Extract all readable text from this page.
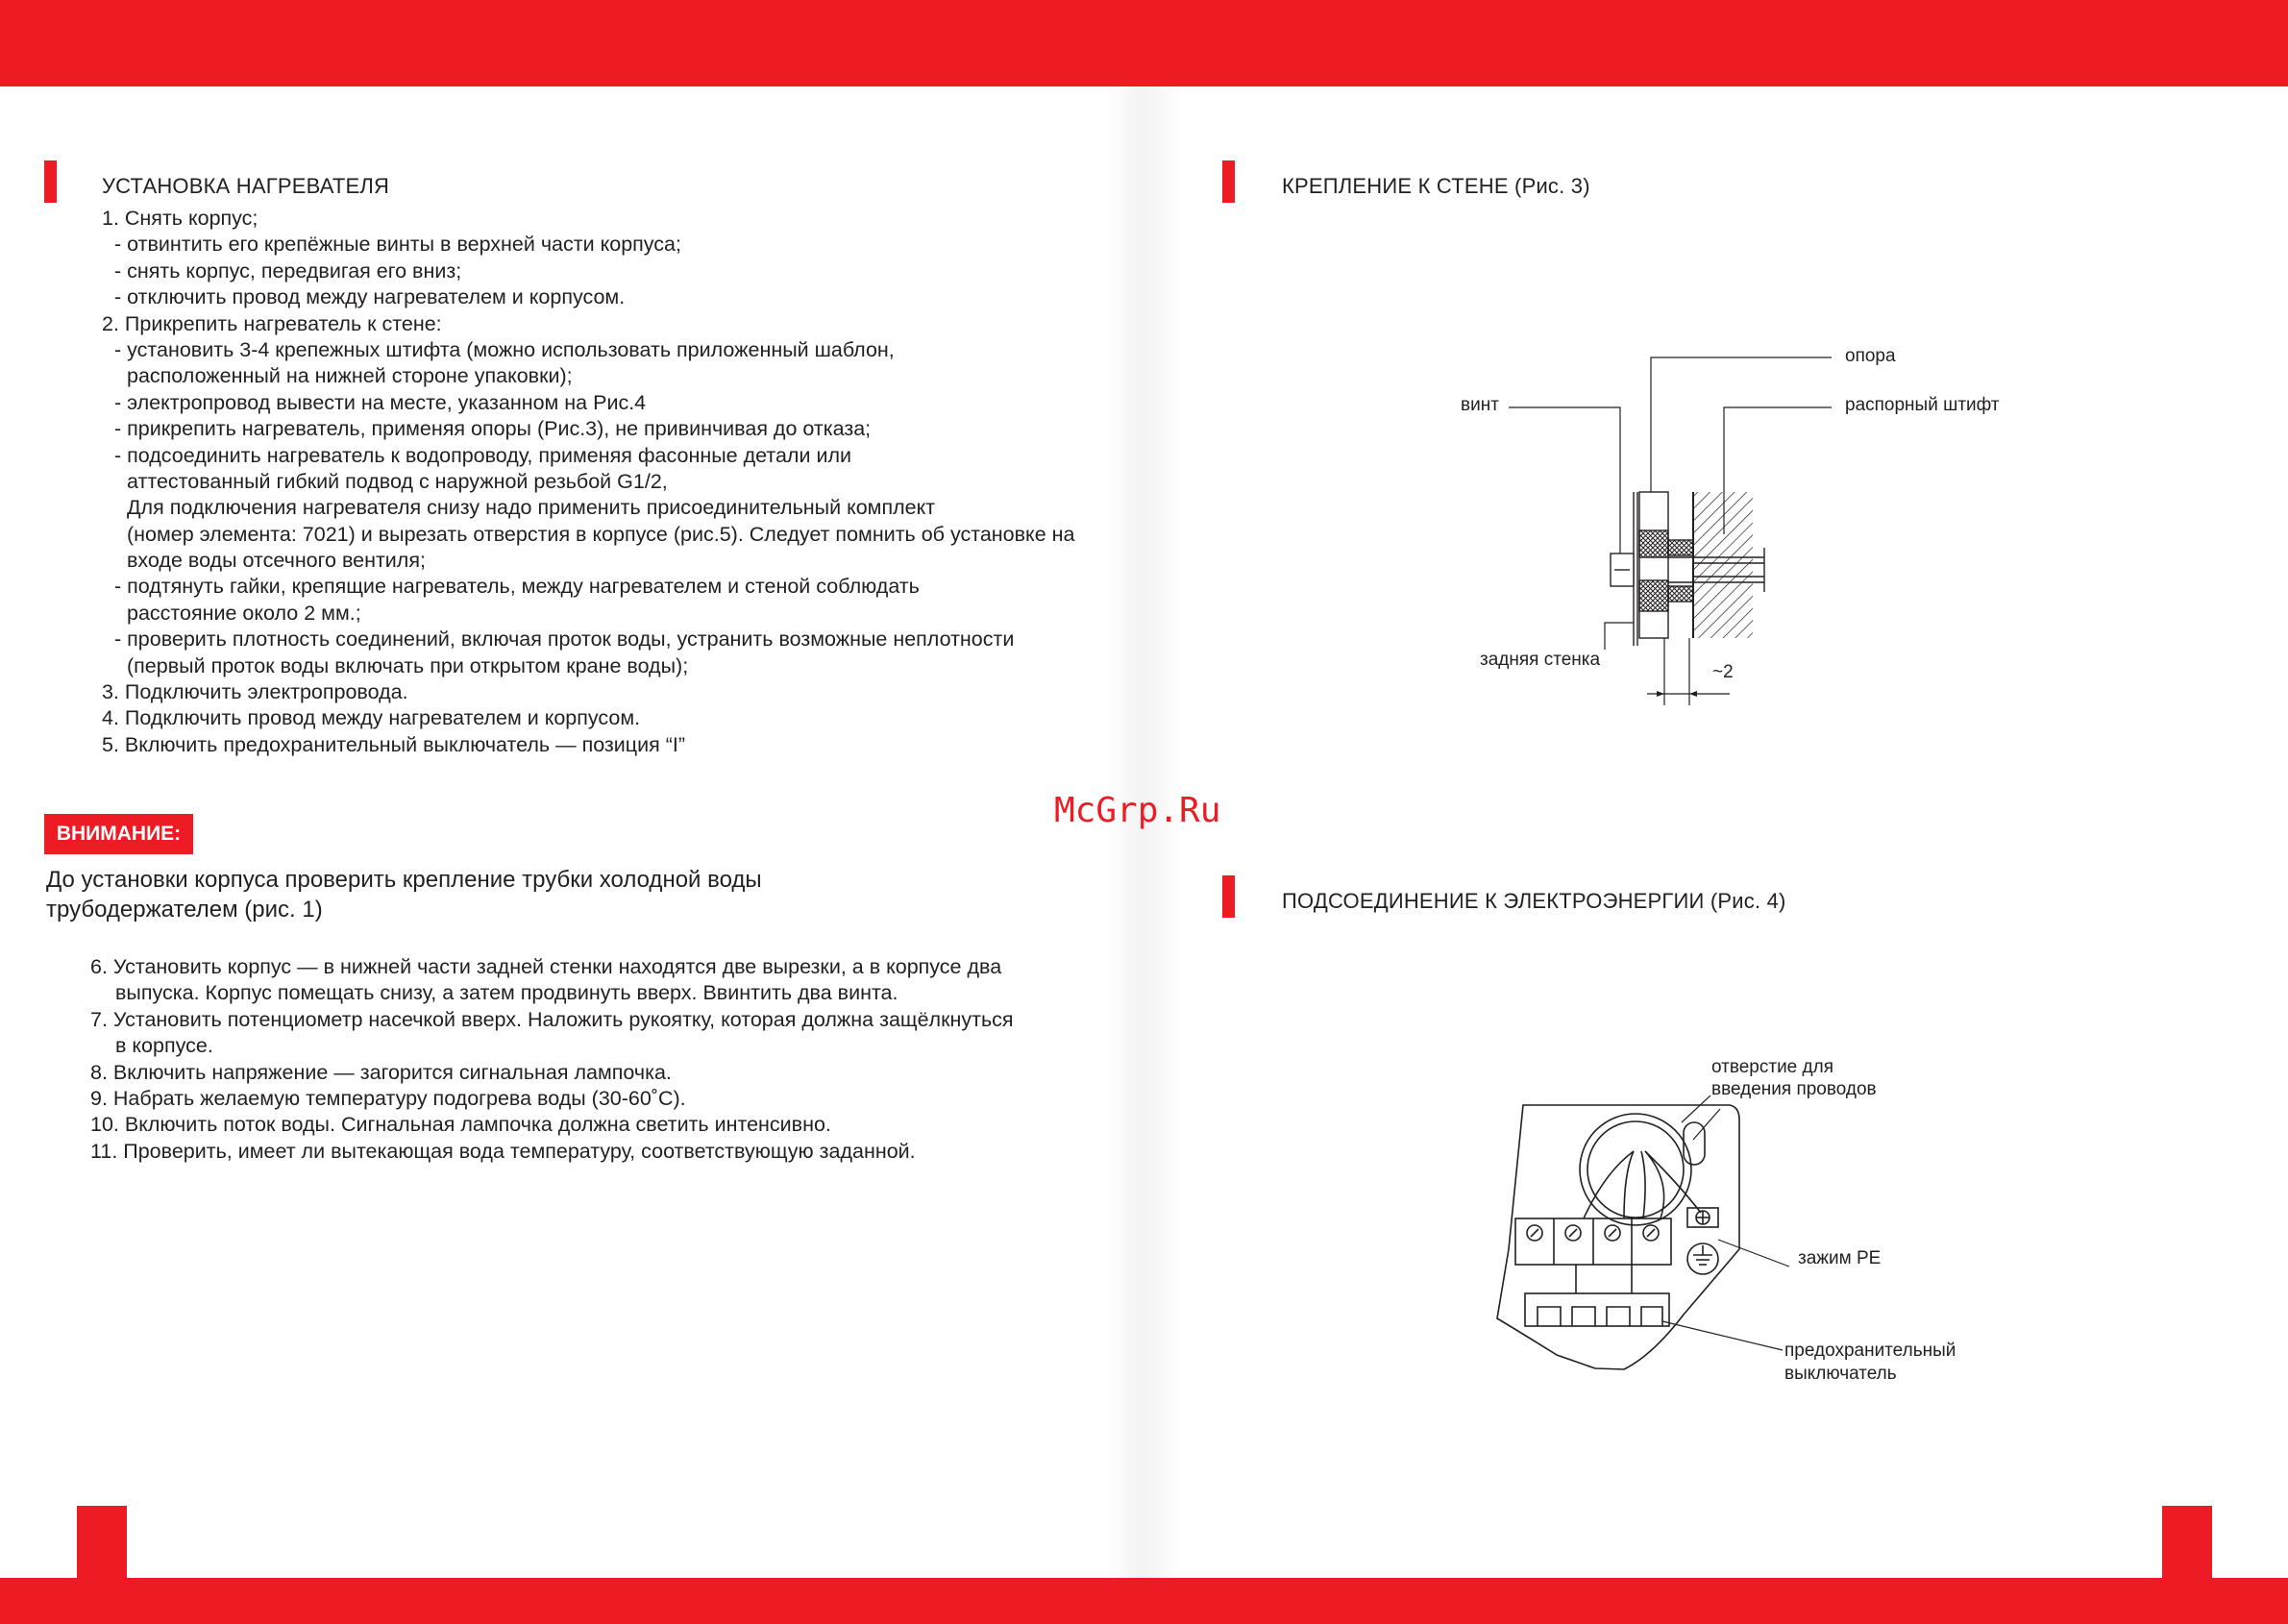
УСТАНОВКА НАГРЕВАТЕЛЯ
1. Снять корпус;
- отвинтить его крепёжные винты в верхней части корпуса;
- снять корпус, передвигая его вниз;
- отключить провод между нагревателем и корпусом.
2. Прикрепить нагреватель к стене:
- установить 3-4 крепежных штифта (можно использовать приложенный шаблон,
расположенный на нижней стороне упаковки);
- электропровод вывести на месте, указанном на Рис.4
- прикрепить нагреватель, применяя опоры (Рис.3), не привинчивая до отказа;
- подсоединить нагреватель к водопроводу, применяя фасонные детали или
аттестованный гибкий подвод с наружной резьбой G1/2,
Для подключения нагревателя снизу надо применить присоединительный комплект
(номер элемента: 7021) и вырезать отверстия в корпусе (рис.5). Следует помнить об установке на
входе воды отсечного вентиля;
- подтянуть гайки, крепящие нагреватель, между нагревателем и стеной соблюдать
расстояние около 2 мм.;
- проверить плотность соединений, включая проток воды, устранить возможные неплотности
(первый проток воды включать при открытом кране воды);
3. Подключить электропровода.
4. Подключить провод между нагревателем и корпусом.
5. Включить предохранительный выключатель — позиция “I”
ВНИМАНИЕ:
До установки корпуса проверить крепление трубки холодной воды
трубодержателем (рис. 1)
6. Установить корпус — в нижней части задней стенки находятся две вырезки, а в корпусе два
выпуска. Корпус помещать снизу, а затем продвинуть вверх. Ввинтить два винта.
7. Установить потенциометр насечкой вверх. Наложить рукоятку, которая должна защёлкнуться
в корпусе.
8. Включить напряжение — загорится сигнальная лампочка.
9. Набрать желаемую температуру подогрева воды (30-60˚С).
10. Включить поток воды. Сигнальная лампочка должна светить интенсивно.
11. Проверить, имеет ли вытекающая вода температуру, соответствующую заданной.
McGrp.Ru
КРЕПЛЕНИЕ К СТЕНЕ (Рис. 3)
опора
винт	распорный штифт
задняя стенка
~2
ПОДСОЕДИНЕНИЕ К ЭЛЕКТРОЭНЕРГИИ (Рис. 4)
отверстие для
введения проводов
зажим РЕ
предохранительный
выключатель
